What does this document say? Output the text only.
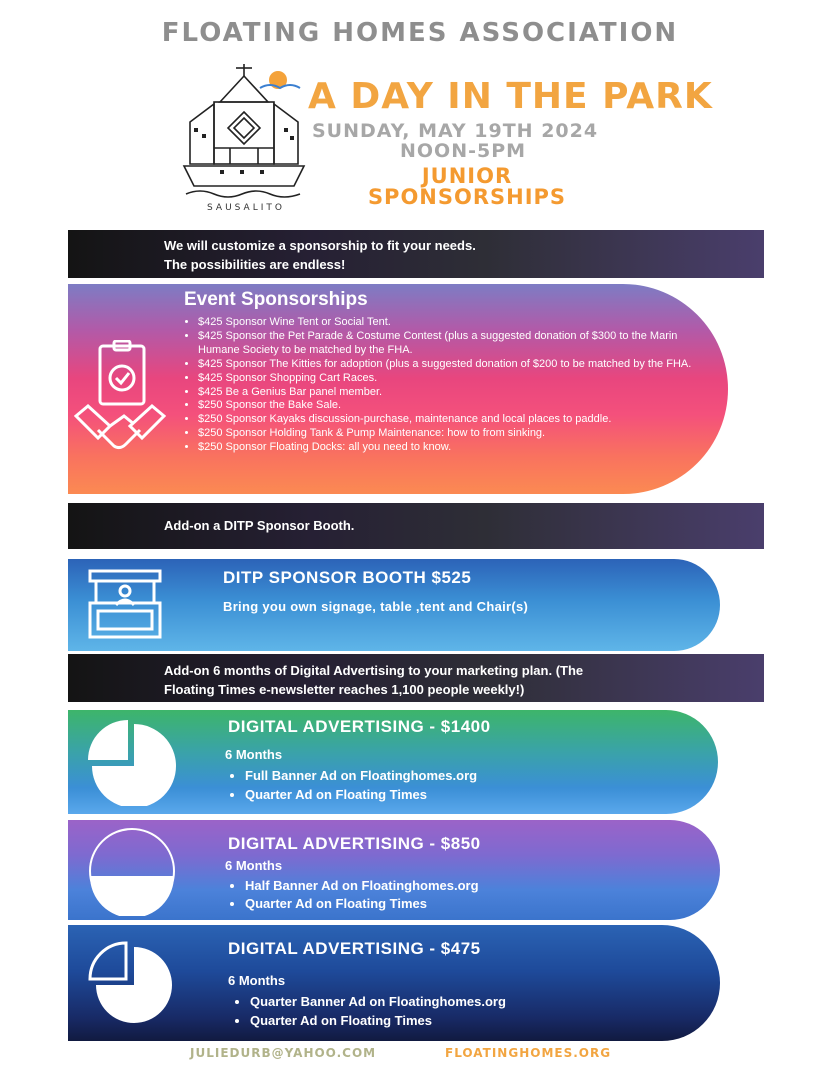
FLOATING HOMES ASSOCIATION
SAUSALITO
A DAY IN THE PARK
SUNDAY, MAY 19TH 2024
NOON-5PM
JUNIOR
SPONSORSHIPS
We will customize a sponsorship to fit your needs.
The possibilities are endless!
Event Sponsorships
• $425 Sponsor Wine Tent or Social Tent.
• $425 Sponsor the Pet Parade & Costume Contest (plus a suggested donation of $300 to the Marin Humane Society to be matched by the FHA.
• $425 Sponsor The Kitties for adoption (plus a suggested donation of $200 to be matched by the FHA.
• $425 Sponsor Shopping Cart Races.
• $425 Be a Genius Bar panel member.
• $250 Sponsor the Bake Sale.
• $250 Sponsor Kayaks discussion-purchase, maintenance and local places to paddle.
• $250 Sponsor Holding Tank & Pump Maintenance: how to from sinking.
• $250 Sponsor Floating Docks: all you need to know.
Add-on a DITP Sponsor Booth.
DITP SPONSOR BOOTH $525
Bring you own signage, table ,tent and Chair(s)
Add-on 6 months of Digital Advertising to your marketing plan. (The
Floating Times e-newsletter reaches 1,100 people weekly!)
DIGITAL ADVERTISING - $1400
6 Months
• Full Banner Ad on Floatinghomes.org
• Quarter Ad on Floating Times
DIGITAL ADVERTISING - $850
6 Months
• Half Banner Ad on Floatinghomes.org
• Quarter Ad on Floating Times
DIGITAL ADVERTISING - $475
6 Months
• Quarter Banner Ad on Floatinghomes.org
• Quarter Ad on Floating Times
JULIEDURB@YAHOO.COM	FLOATINGHOMES.ORG
